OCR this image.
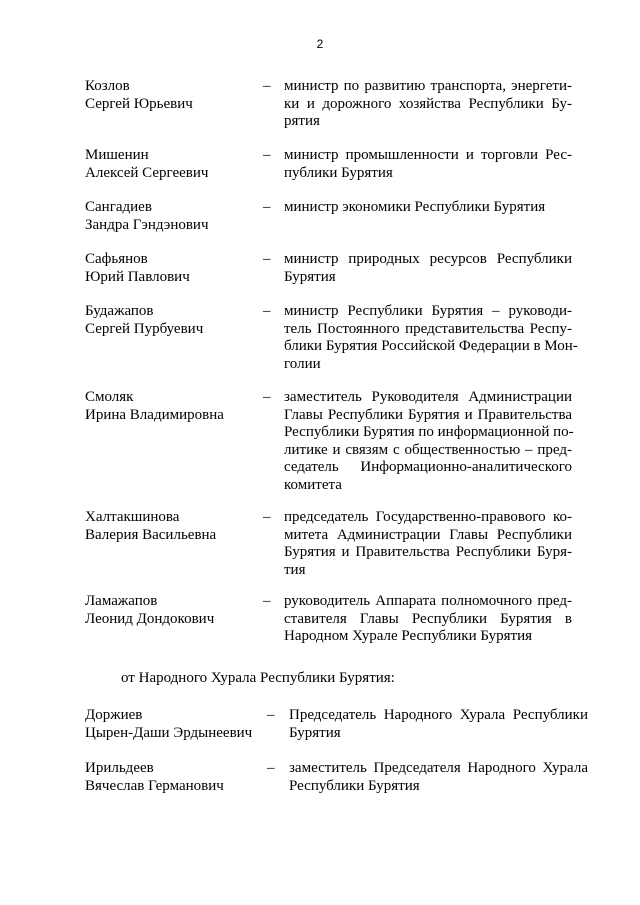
2
Козлов
Сергей Юрьевич
– министр по развитию транспорта, энергети-
ки и дорожного хозяйства Республики Бу-
рятия
Мишенин
Алексей Сергеевич
– министр промышленности и торговли Рес-
публики Бурятия
Сангадиев
Зандра Гэндэнович
– министр экономики Республики Бурятия
Сафьянов
Юрий Павлович
– министр природных ресурсов Республики
Бурятия
Будажапов
Сергей Пурбуевич
– министр Республики Бурятия – руководи-
тель Постоянного представительства Респу-
блики Бурятия Российской Федерации в Мон-
голии
Смоляк
Ирина Владимировна
– заместитель Руководителя Администрации
Главы Республики Бурятия и Правительства
Республики Бурятия по информационной по-
литике и связям с общественностью – пред-
седатель Информационно-аналитического
комитета
Халтакшинова
Валерия Васильевна
– председатель Государственно-правового ко-
митета Администрации Главы Республики
Бурятия и Правительства Республики Буря-
тия
Ламажапов
Леонид Дондокович
– руководитель Аппарата полномочного пред-
ставителя Главы Республики Бурятия в
Народном Хурале Республики Бурятия
от Народного Хурала Республики Бурятия:
Доржиев
Цырен-Даши Эрдынеевич
– Председатель Народного Хурала Республики
Бурятия
Ирильдеев
Вячеслав Германович
– заместитель Председателя Народного Хурала
Республики Бурятия
